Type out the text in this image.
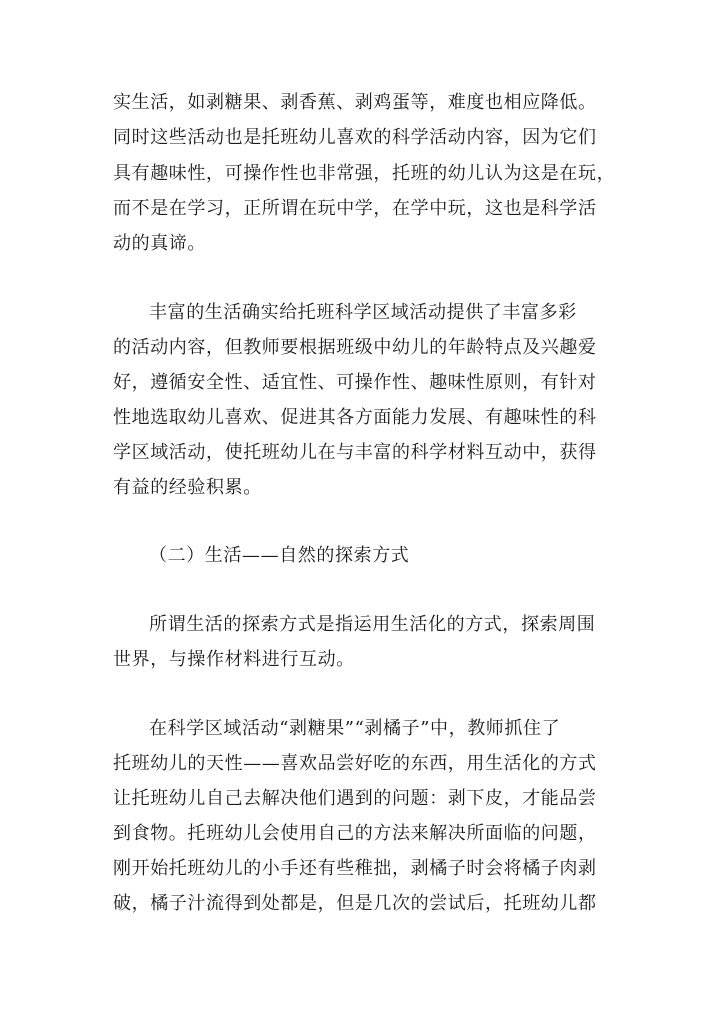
实生活，如剥糖果、剥香蕉、剥鸡蛋等，难度也相应降低。
同时这些活动也是托班幼儿喜欢的科学活动内容，因为它们
具有趣味性，可操作性也非常强，托班的幼儿认为这是在玩，
而不是在学习，正所谓在玩中学，在学中玩，这也是科学活
动的真谛。
丰富的生活确实给托班科学区域活动提供了丰富多彩
的活动内容，但教师要根据班级中幼儿的年龄特点及兴趣爱
好，遵循安全性、适宜性、可操作性、趣味性原则，有针对
性地选取幼儿喜欢、促进其各方面能力发展、有趣味性的科
学区域活动，使托班幼儿在与丰富的科学材料互动中，获得
有益的经验积累。
（二）生活——自然的探索方式
所谓生活的探索方式是指运用生活化的方式，探索周围
世界，与操作材料进行互动。
在科学区域活动“剥糖果”“剥橘子”中，教师抓住了
托班幼儿的天性——喜欢品尝好吃的东西，用生活化的方式
让托班幼儿自己去解决他们遇到的问题：剥下皮，才能品尝
到食物。托班幼儿会使用自己的方法来解决所面临的问题，
刚开始托班幼儿的小手还有些稚拙，剥橘子时会将橘子肉剥
破，橘子汁流得到处都是，但是几次的尝试后，托班幼儿都
